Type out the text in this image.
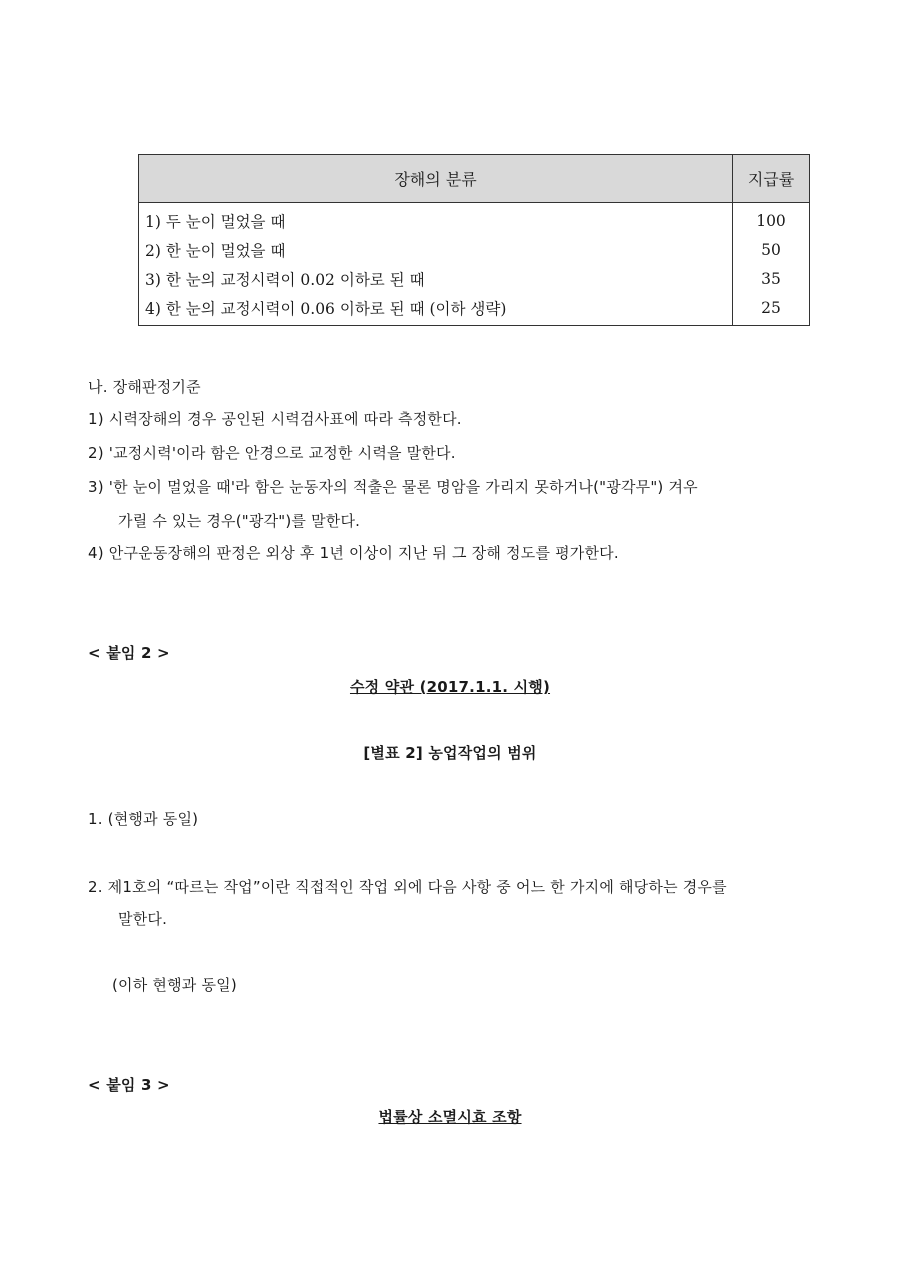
장해의 분류	지급률
1) 두 눈이 멀었을 때	100
2) 한 눈이 멀었을 때	50
3) 한 눈의 교정시력이 0.02 이하로 된 때	35
4) 한 눈의 교정시력이 0.06 이하로 된 때 (이하 생략)	25
나. 장해판정기준
1) 시력장해의 경우 공인된 시력검사표에 따라 측정한다.
2) '교정시력'이라 함은 안경으로 교정한 시력을 말한다.
3) '한 눈이 멀었을 때'라 함은 눈동자의 적출은 물론 명암을 가리지 못하거나("광각무") 겨우
가릴 수 있는 경우("광각")를 말한다.
4) 안구운동장해의 판정은 외상 후 1년 이상이 지난 뒤 그 장해 정도를 평가한다.
< 붙임 2 >
수정 약관 (2017.1.1. 시행)
[별표 2] 농업작업의 범위
1. (현행과 동일)
2. 제1호의 “따르는 작업”이란 직접적인 작업 외에 다음 사항 중 어느 한 가지에 해당하는 경우를
말한다.
(이하 현행과 동일)
< 붙임 3 >
법률상 소멸시효 조항
